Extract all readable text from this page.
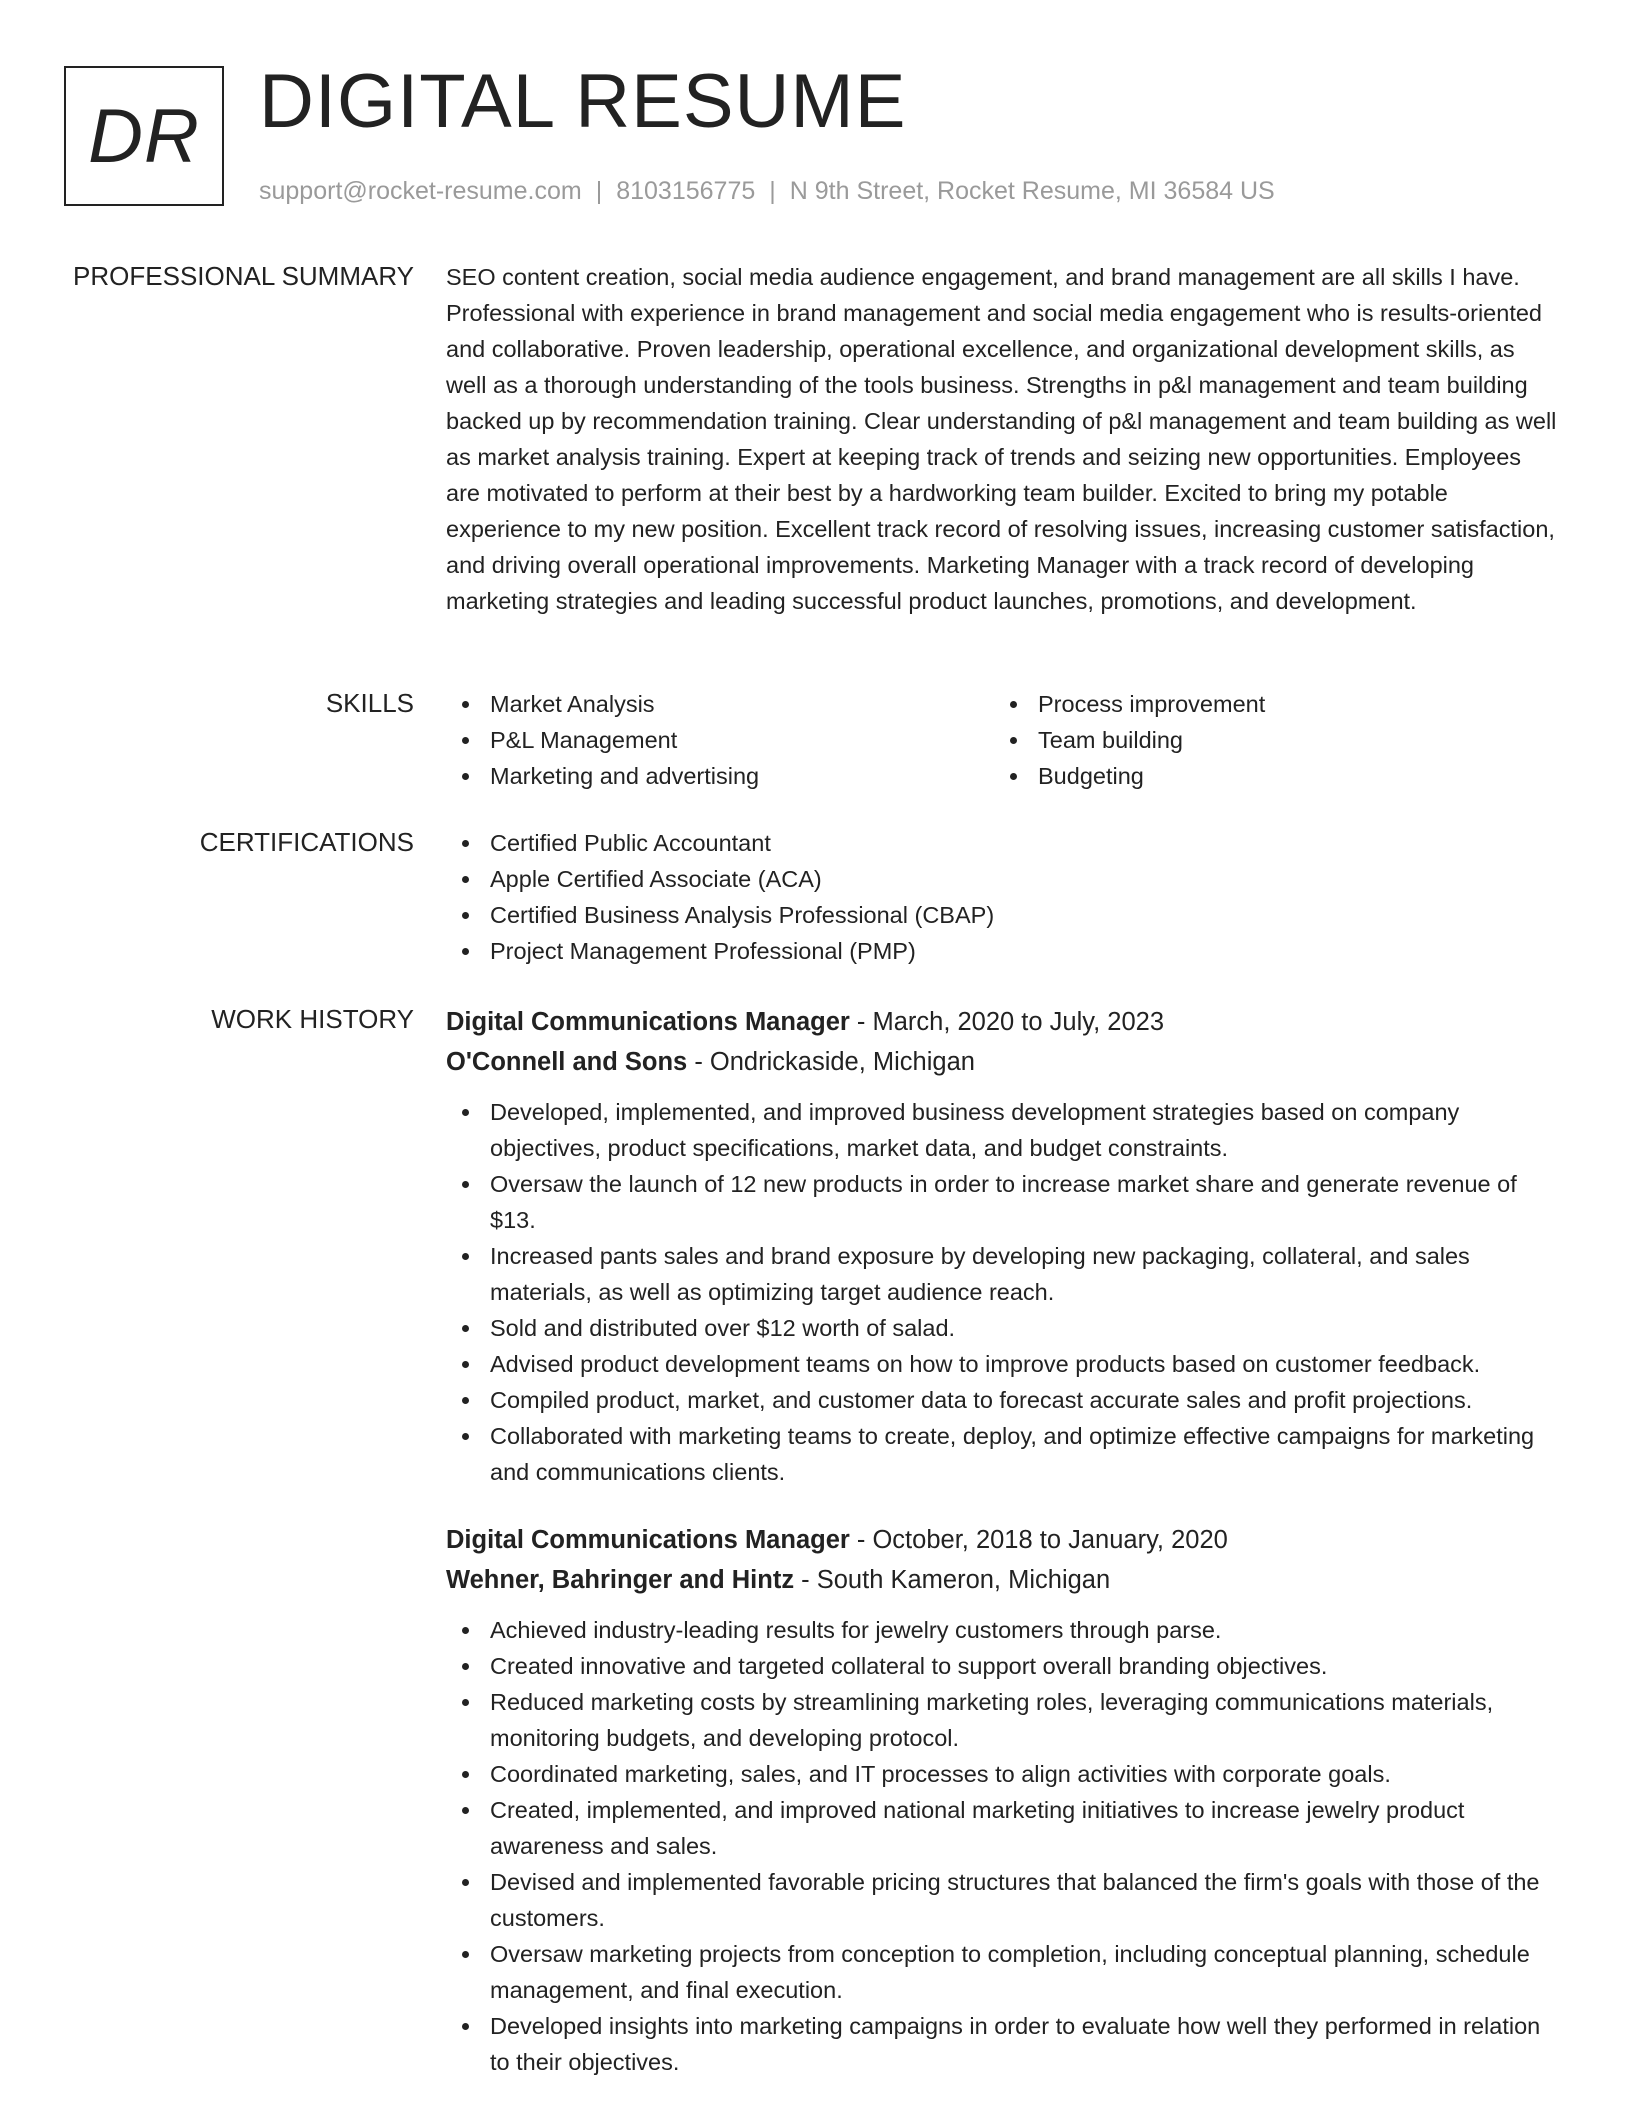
DR DIGITAL RESUME
support@rocket-resume.com | 8103156775 | N 9th Street, Rocket Resume, MI 36584 US
PROFESSIONAL SUMMARY SEO content creation, social media audience engagement, and brand management are all skills I have. Professional with experience in brand management and social media engagement who is results-oriented and collaborative. Proven leadership, operational excellence, and organizational development skills, as well as a thorough understanding of the tools business. Strengths in p&l management and team building backed up by recommendation training. Clear understanding of p&l management and team building as well as market analysis training. Expert at keeping track of trends and seizing new opportunities. Employees are motivated to perform at their best by a hardworking team builder. Excited to bring my potable experience to my new position. Excellent track record of resolving issues, increasing customer satisfaction, and driving overall operational improvements. Marketing Manager with a track record of developing marketing strategies and leading successful product launches, promotions, and development.

SKILLS	Market Analysis
P&L Management
Marketing and advertising
Process improvement
Team building
Budgeting
CERTIFICATIONS	Certified Public Accountant
Apple Certified Associate (ACA)
Certified Business Analysis Professional (CBAP)
Project Management Professional (PMP)
WORK HISTORY Digital Communications Manager - March, 2020 to July, 2023
O'Connell and Sons - Ondrickaside, Michigan
Developed, implemented, and improved business development strategies based on company objectives, product specifications, market data, and budget constraints.
Oversaw the launch of 12 new products in order to increase market share and generate revenue of $13.
Increased pants sales and brand exposure by developing new packaging, collateral, and sales materials, as well as optimizing target audience reach.
Sold and distributed over $12 worth of salad.
Advised product development teams on how to improve products based on customer feedback.
Compiled product, market, and customer data to forecast accurate sales and profit projections.
Collaborated with marketing teams to create, deploy, and optimize effective campaigns for marketing and communications clients.
Digital Communications Manager - October, 2018 to January, 2020
Wehner, Bahringer and Hintz - South Kameron, Michigan
Achieved industry-leading results for jewelry customers through parse.
Created innovative and targeted collateral to support overall branding objectives.
Reduced marketing costs by streamlining marketing roles, leveraging communications materials, monitoring budgets, and developing protocol.
Coordinated marketing, sales, and IT processes to align activities with corporate goals.
Created, implemented, and improved national marketing initiatives to increase jewelry product awareness and sales.
Devised and implemented favorable pricing structures that balanced the firm's goals with those of the customers.
Oversaw marketing projects from conception to completion, including conceptual planning, schedule management, and final execution.
Developed insights into marketing campaigns in order to evaluate how well they performed in relation to their objectives.
